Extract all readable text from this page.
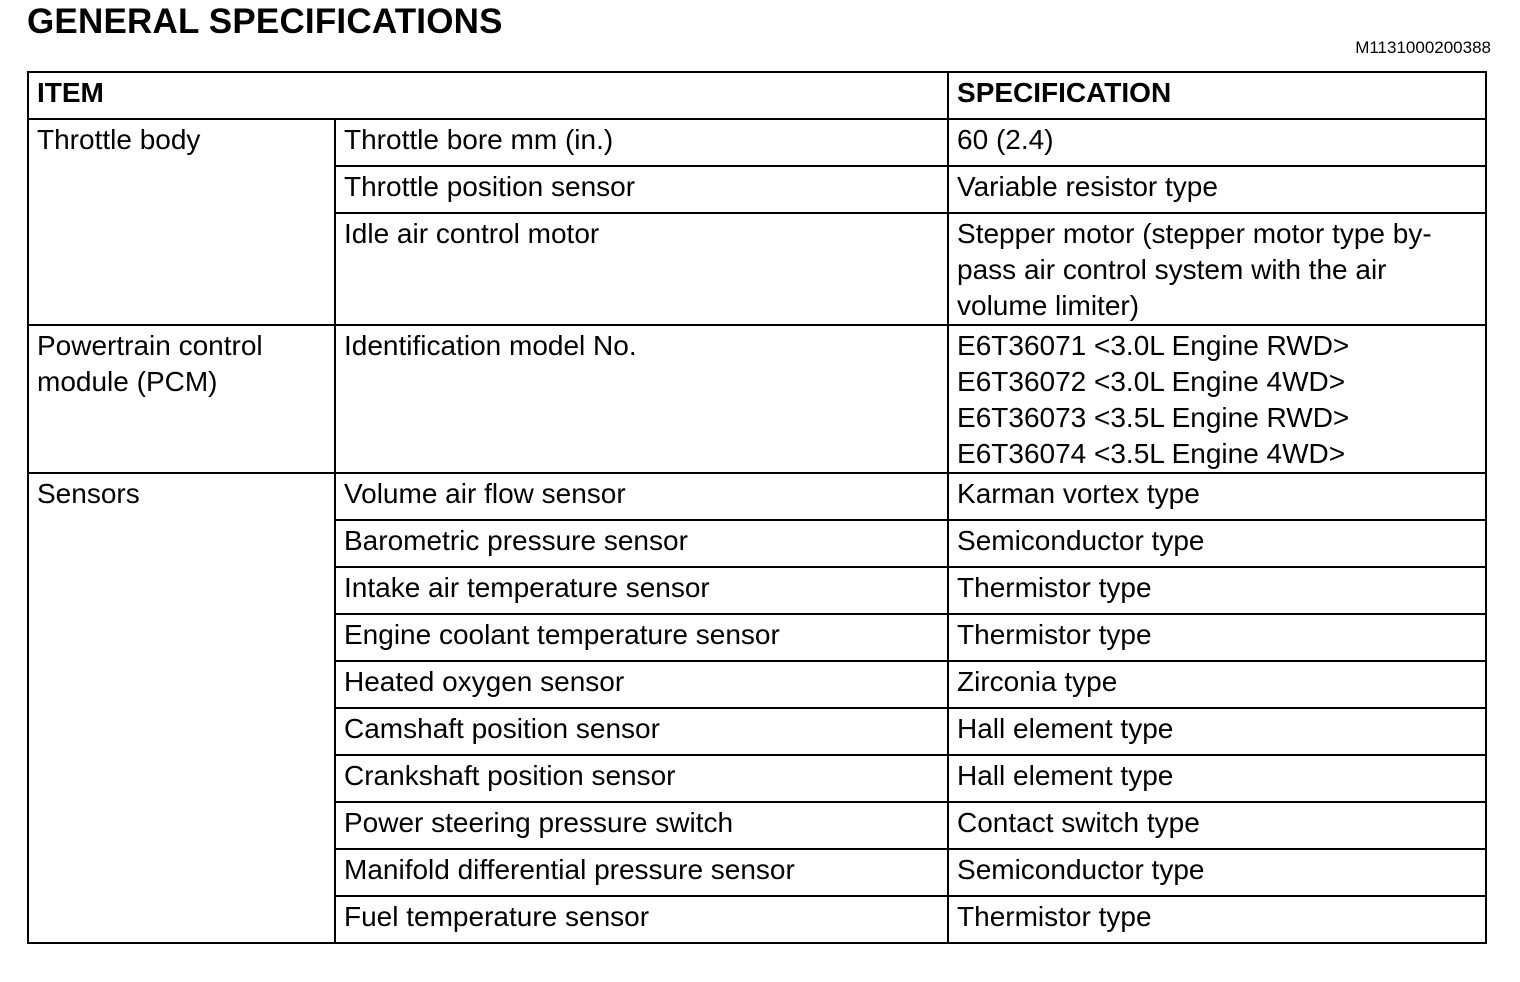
GENERAL SPECIFICATIONS
M1131000200388
ITEM		SPECIFICATION
Throttle body	Throttle bore mm (in.)	60 (2.4)
	Throttle position sensor	Variable resistor type
	Idle air control motor	Stepper motor (stepper motor type by-
pass air control system with the air
volume limiter)

Powertrain control
module (PCM)	Identification model No.	E6T36071 <3.0L Engine RWD>
E6T36072 <3.0L Engine 4WD>
E6T36073 <3.5L Engine RWD>
E6T36074 <3.5L Engine 4WD>

Sensors	Volume air flow sensor	Karman vortex type
	Barometric pressure sensor	Semiconductor type
	Intake air temperature sensor	Thermistor type
	Engine coolant temperature sensor	Thermistor type
	Heated oxygen sensor	Zirconia type
	Camshaft position sensor	Hall element type
	Crankshaft position sensor	Hall element type
	Power steering pressure switch	Contact switch type
	Manifold differential pressure sensor	Semiconductor type
	Fuel temperature sensor	Thermistor type
